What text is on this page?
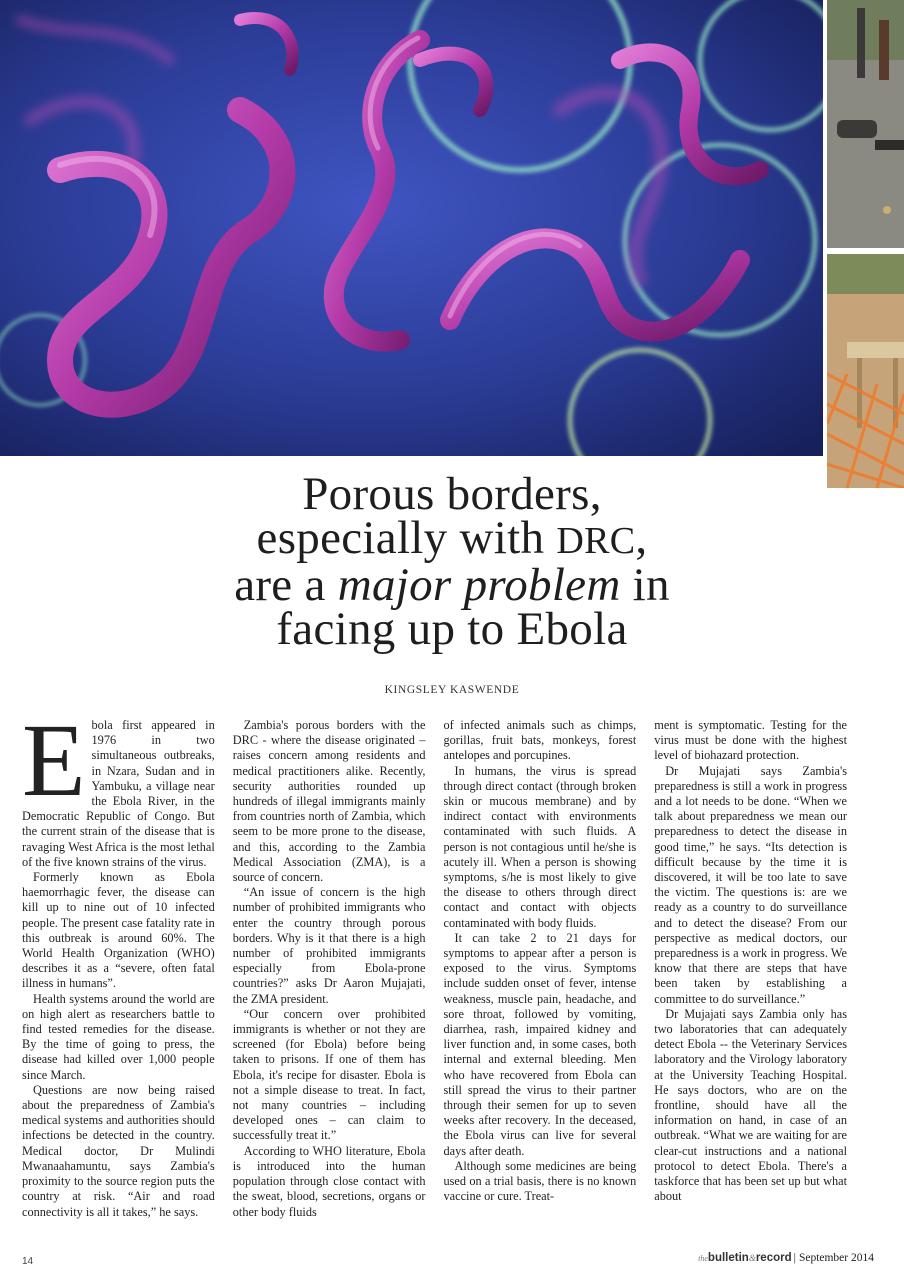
Porous borders,
especially with DRC,
are a major problem in
facing up to Ebola
KINGSLEY KASWENDE

Ebola first appeared in 1976 in two simultaneous outbreaks, in Nzara, Sudan and in Yambuku, a village near the Ebola River, in the Democratic Republic of Congo. But the current strain of the disease that is ravaging West Africa is the most lethal of the five known strains of the virus.

Formerly known as Ebola haemorrhagic fever, the disease can kill up to nine out of 10 infected people. The present case fatality rate in this outbreak is around 60%. The World Health Organization (WHO) describes it as a “severe, often fatal illness in humans”.

Health systems around the world are on high alert as researchers battle to find tested remedies for the disease. By the time of going to press, the disease had killed over 1,000 people since March.

Questions are now being raised about the preparedness of Zambia's medical systems and authorities should infections be detected in the country. Medical doctor, Dr Mulindi Mwanaahamuntu, says Zambia's proximity to the source region puts the country at risk. “Air and road connectivity is all it takes,” he says.

Zambia's porous borders with the DRC - where the disease originated – raises concern among residents and medical practitioners alike. Recently, security authorities rounded up hundreds of illegal immigrants mainly from countries north of Zambia, which seem to be more prone to the disease, and this, according to the Zambia Medical Association (ZMA), is a source of concern.

“An issue of concern is the high number of prohibited immigrants who enter the country through porous borders. Why is it that there is a high number of prohibited immigrants especially from Ebola-prone countries?” asks Dr Aaron Mujajati, the ZMA president.

“Our concern over prohibited immigrants is whether or not they are screened (for Ebola) before being taken to prisons. If one of them has Ebola, it's recipe for disaster. Ebola is not a simple disease to treat. In fact, not many countries – including developed ones – can claim to successfully treat it.”

According to WHO literature, Ebola is introduced into the human population through close contact with the sweat, blood, secretions, organs or other body fluids

of infected animals such as chimps, gorillas, fruit bats, monkeys, forest antelopes and porcupines.

In humans, the virus is spread through direct contact (through broken skin or mucous membrane) and by indirect contact with environments contaminated with such fluids. A person is not contagious until he/she is acutely ill. When a person is showing symptoms, s/he is most likely to give the disease to others through direct contact and contact with objects contaminated with body fluids.

It can take 2 to 21 days for symptoms to appear after a person is exposed to the virus. Symptoms include sudden onset of fever, intense weakness, muscle pain, headache, and sore throat, followed by vomiting, diarrhea, rash, impaired kidney and liver function and, in some cases, both internal and external bleeding. Men who have recovered from Ebola can still spread the virus to their partner through their semen for up to seven weeks after recovery. In the deceased, the Ebola virus can live for several days after death.

Although some medicines are being used on a trial basis, there is no known vaccine or cure. Treat-

ment is symptomatic. Testing for the virus must be done with the highest level of biohazard protection.

Dr Mujajati says Zambia's preparedness is still a work in progress and a lot needs to be done. “When we talk about preparedness we mean our preparedness to detect the disease in good time,” he says. “Its detection is difficult because by the time it is discovered, it will be too late to save the victim. The questions is: are we ready as a country to do surveillance and to detect the disease? From our perspective as medical doctors, our preparedness is a work in progress. We know that there are steps that have been taken by establishing a committee to do surveillance.”

Dr Mujajati says Zambia only has two laboratories that can adequately detect Ebola -- the Veterinary Services laboratory and the Virology laboratory at the University Teaching Hospital. He says doctors, who are on the frontline, should have all the information on hand, in case of an outbreak. “What we are waiting for are clear-cut instructions and a national protocol to detect Ebola. There's a taskforce that has been set up but what about

14	thebulletin&record | September 2014
